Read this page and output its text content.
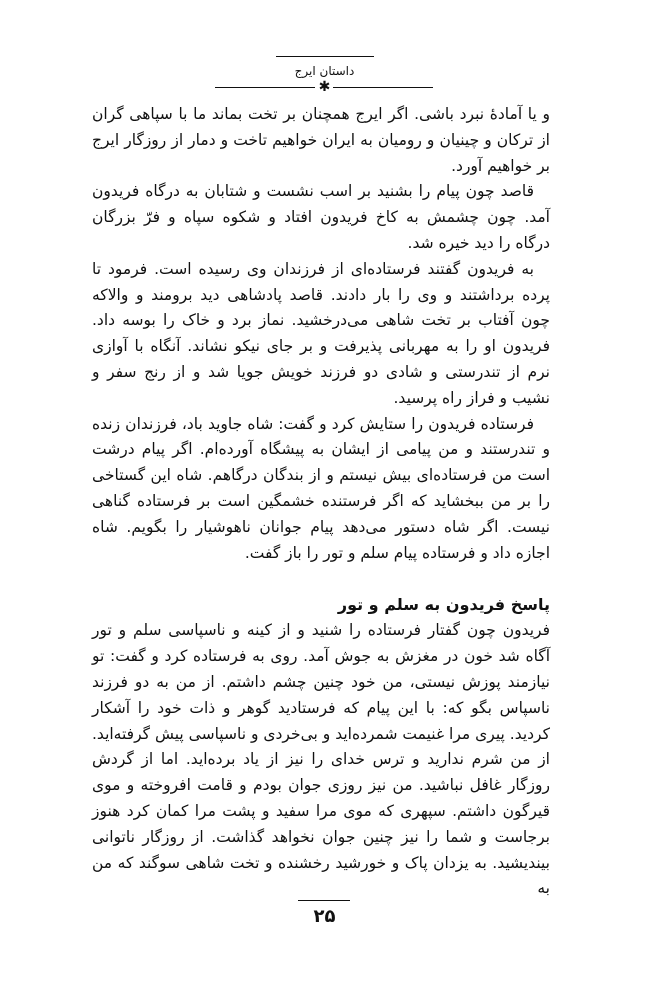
داستان ایرج
✱

و یا آمادهٔ نبرد باشی. اگر ایرج همچنان بر تخت بماند ما با سپاهی گران از ترکان و چینیان و رومیان به ایران خواهیم تاخت و دمار از روزگار ایرج بر خواهیم آورد.

قاصد چون پیام را بشنید بر اسب نشست و شتابان به درگاه فریدون آمد. چون چشمش به کاخ فریدون افتاد و شکوه سپاه و فرّ بزرگان درگاه را دید خیره شد.

به فریدون گفتند فرستاده‌ای از فرزندان وی رسیده است. فرمود تا پرده برداشتند و وی را بار دادند. قاصد پادشاهی دید برومند و والاکه چون آفتاب بر تخت شاهی می‌درخشید. نماز برد و خاک را بوسه داد. فریدون او را به مهربانی پذیرفت و بر جای نیکو نشاند. آنگاه با آوازی نرم از تندرستی و شادی دو فرزند خویش جویا شد و از رنج سفر و نشیب و فراز راه پرسید.

فرستاده فریدون را ستایش کرد و گفت: شاه جاوید باد، فرزندان زنده و تندرستند و من پیامی از ایشان به پیشگاه آورده‌ام. اگر پیام درشت است من فرستاده‌ای بیش نیستم و از بندگان درگاهم. شاه این گستاخی را بر من ببخشاید که اگر فرستنده خشمگین است بر فرستاده گناهی نیست. اگر شاه دستور می‌دهد پیام جوانان ناهوشیار را بگویم. شاه اجازه داد و فرستاده پیام سلم و تور را باز گفت.

پاسخ فریدون به سلم و تور

فریدون چون گفتار فرستاده را شنید و از کینه و ناسپاسی سلم و تور آگاه شد خون در مغزش به جوش آمد. روی به فرستاده کرد و گفت: تو نیازمند پوزش نیستی، من خود چنین چشم داشتم. از من به دو فرزند ناسپاس بگو که: با این پیام که فرستادید گوهر و ذات خود را آشکار کردید. پیری مرا غنیمت شمرده‌اید و بی‌خردی و ناسپاسی پیش گرفته‌اید. از من شرم ندارید و ترس خدای را نیز از یاد برده‌اید. اما از گردش روزگار غافل نباشید. من نیز روزی جوان بودم و قامت افروخته و موی قیرگون داشتم. سپهری که موی مرا سفید و پشت مرا کمان کرد هنوز برجاست و شما را نیز چنین جوان نخواهد گذاشت. از روزگار ناتوانی بیندیشید. به یزدان پاک و خورشید رخشنده و تخت شاهی سوگند که من به

۲۵
